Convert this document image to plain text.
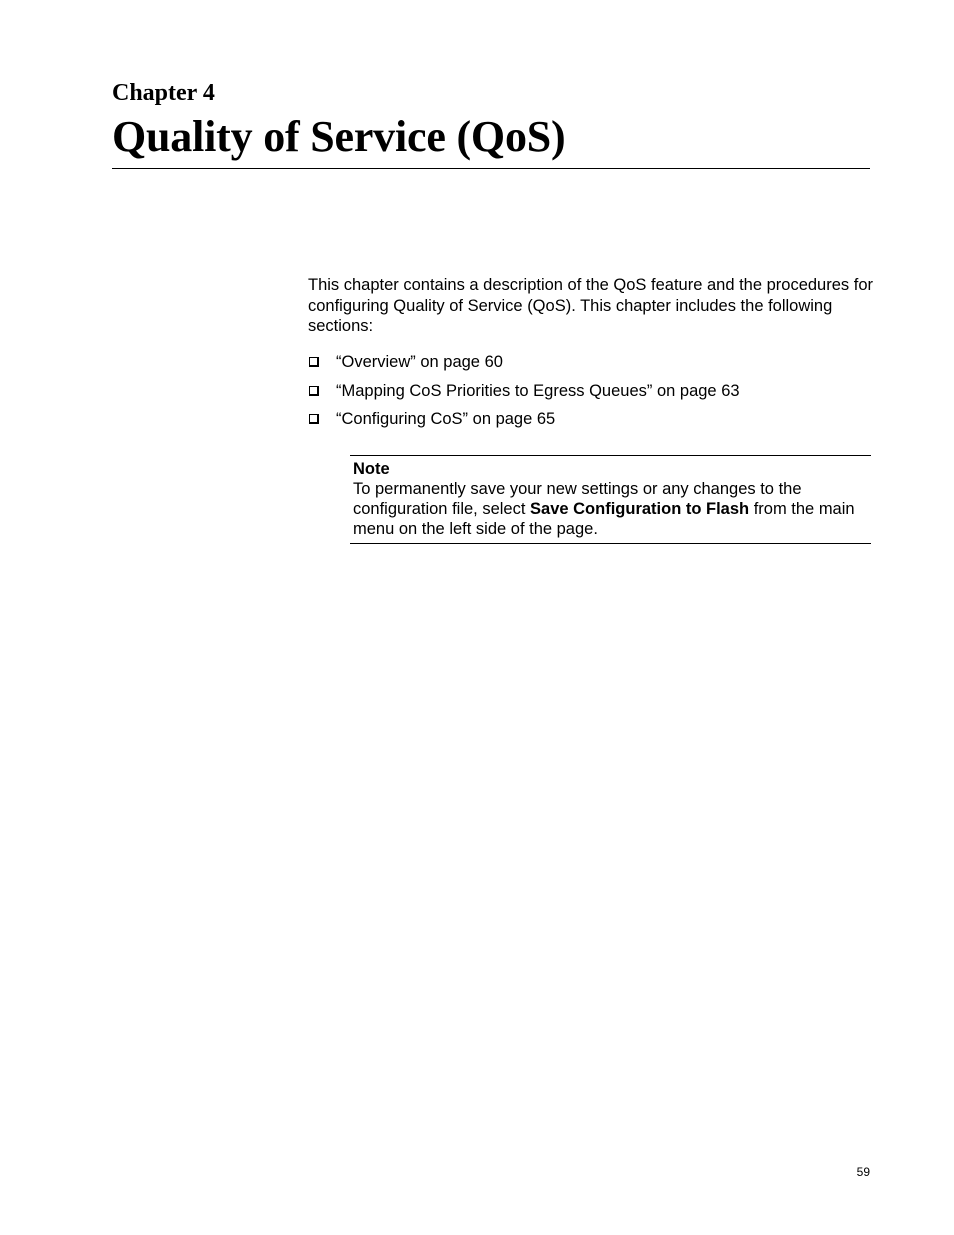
Chapter 4
Quality of Service (QoS)

This chapter contains a description of the QoS feature and the procedures for configuring Quality of Service (QoS). This chapter includes the following sections:

“Overview” on page 60
“Mapping CoS Priorities to Egress Queues” on page 63
“Configuring CoS” on page 65
Note

To permanently save your new settings or any changes to the configuration file, select Save Configuration to Flash from the main menu on the left side of the page.

59
